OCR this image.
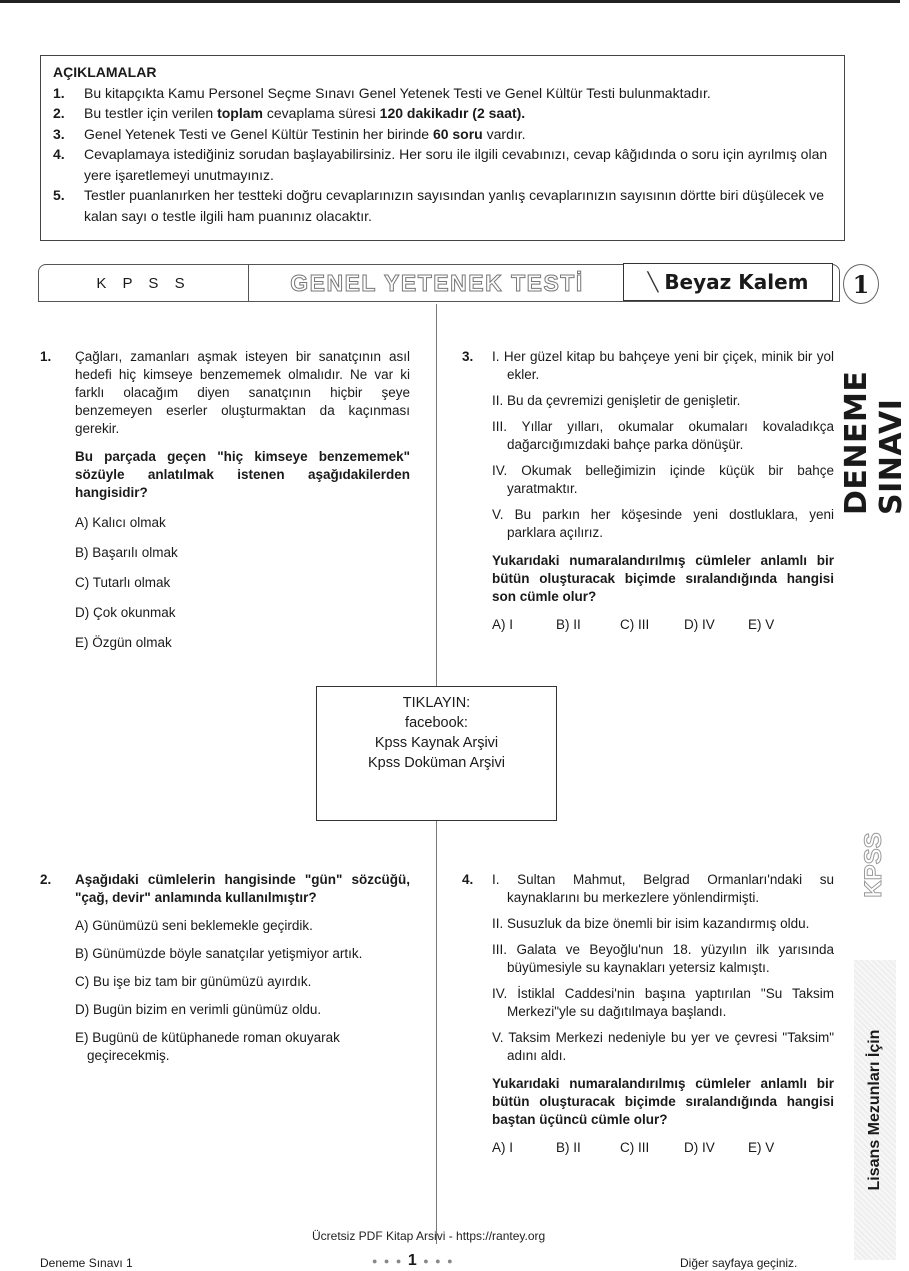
AÇIKLAMALAR
1.	Bu kitapçıkta Kamu Personel Seçme Sınavı Genel Yetenek Testi ve Genel Kültür Testi bulunmaktadır.
2.	Bu testler için verilen toplam cevaplama süresi 120 dakikadır (2 saat).
3.	Genel Yetenek Testi ve Genel Kültür Testinin her birinde 60 soru vardır.
4.	Cevaplamaya istediğiniz sorudan başlayabilirsiniz. Her soru ile ilgili cevabınızı, cevap kâğıdında o soru için ayrılmış olan yere işaretlemeyi unutmayınız.
5.	Testler puanlanırken her testteki doğru cevaplarınızın sayısından yanlış cevaplarınızın sayısının dörtte biri düşülecek ve kalan sayı o testle ilgili ham puanınız olacaktır.
K P S S	GENEL YETENEK TESTİ	╲ Beyaz Kalem	1
DENEME SINAVI
KPSS
Lisans Mezunları İçin
1. Çağları, zamanları aşmak isteyen bir sanatçının asıl hedefi hiç kimseye benzememek olmalıdır. Ne var ki farklı olacağım diyen sanatçının hiçbir şeye benzemeyen eserler oluşturmaktan da kaçınması gerekir.
Bu parçada geçen "hiç kimseye benzememek" sözüyle anlatılmak istenen aşağıdakilerden hangisidir?
A) Kalıcı olmak
B) Başarılı olmak
C) Tutarlı olmak
D) Çok okunmak
E) Özgün olmak
3. I. Her güzel kitap bu bahçeye yeni bir çiçek, minik bir yol ekler.
II. Bu da çevremizi genişletir de genişletir.
III. Yıllar yılları, okumalar okumaları kovaladıkça dağarcığımızdaki bahçe parka dönüşür.
IV. Okumak belleğimizin içinde küçük bir bahçe yaratmaktır.
V. Bu parkın her köşesinde yeni dostluklara, yeni parklara açılırız.
Yukarıdaki numaralandırılmış cümleler anlamlı bir bütün oluşturacak biçimde sıralandığında hangisi son cümle olur?
A) I	B) II	C) III	D) IV	E) V
TIKLAYIN:
facebook:
Kpss Kaynak Arşivi
Kpss Doküman Arşivi
2. Aşağıdaki cümlelerin hangisinde "gün" sözcüğü, "çağ, devir" anlamında kullanılmıştır?
A) Günümüzü seni beklemekle geçirdik.
B) Günümüzde böyle sanatçılar yetişmiyor artık.
C) Bu işe biz tam bir günümüzü ayırdık.
D) Bugün bizim en verimli günümüz oldu.
E) Bugünü de kütüphanede roman okuyarak geçirecekmiş.
4. I. Sultan Mahmut, Belgrad Ormanları'ndaki su kaynaklarını bu merkezlere yönlendirmişti.
II. Susuzluk da bize önemli bir isim kazandırmış oldu.
III. Galata ve Beyoğlu'nun 18. yüzyılın ilk yarısında büyümesiyle su kaynakları yetersiz kalmıştı.
IV. İstiklal Caddesi'nin başına yaptırılan "Su Taksim Merkezi"yle su dağıtılmaya başlandı.
V. Taksim Merkezi nedeniyle bu yer ve çevresi "Taksim" adını aldı.
Yukarıdaki numaralandırılmış cümleler anlamlı bir bütün oluşturacak biçimde sıralandığında hangisi baştan üçüncü cümle olur?
A) I	B) II	C) III	D) IV	E) V
Ücretsiz PDF Kitap Arsivi - https://rantey.org
Deneme Sınavı 1	● ● ● 1 ● ● ●	Diğer sayfaya geçiniz.
